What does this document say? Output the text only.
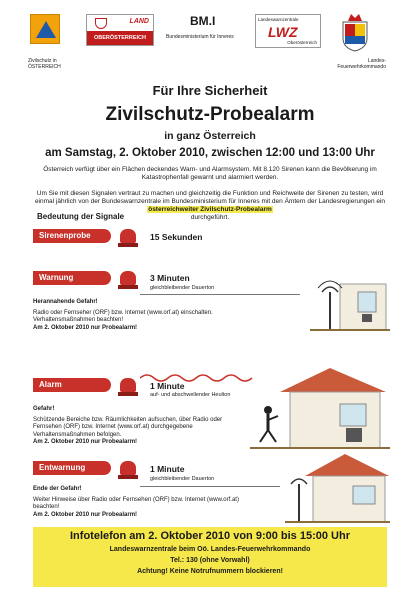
Zivilschutz in
ÖSTERREICH
LAND
OBERÖSTERREICH
BM.I
Bundesministerium für Inneres
Landeswarnzentrale
LWZ
Oberösterreich
Landes-
Feuerwehrkommando
Für Ihre Sicherheit
Zivilschutz-Probealarm
in ganz Österreich
am Samstag, 2. Oktober 2010, zwischen 12:00 und 13:00 Uhr
Österreich verfügt über ein Flächen deckendes Warn- und Alarmsystem. Mit 8.120 Sirenen kann die Bevölkerung im Katastrophenfall gewarnt und alarmiert werden.
Um Sie mit diesen Signalen vertraut zu machen und gleichzeitig die Funktion und Reichweite der Sirenen zu testen, wird einmal jährlich von der Bundeswarnzentrale im Bundesministerium für Inneres mit den Ämtern der Landesregierungen ein
österreichweiter Zivilschutz-Probealarm
durchgeführt.
Bedeutung der Signale
Sirenenprobe	15 Sekunden
Warnung	3 Minuten
gleichbleibender Dauerton
Herannahende Gefahr!
Radio oder Fernseher (ORF) bzw. Internet (www.orf.at) einschalten. Verhaltensmaßnahmen beachten!
Am 2. Oktober 2010 nur Probealarm!
Alarm	1 Minute
auf- und abschwellender Heulton
Gefahr!
Schützende Bereiche bzw. Räumlichkeiten aufsuchen, über Radio oder Fernsehen (ORF) bzw. Internet (www.orf.at) durchgegebene Verhaltensmaßnahmen befolgen.
Am 2. Oktober 2010 nur Probealarm!
Entwarnung	1 Minute
gleichbleibender Dauerton
Ende der Gefahr!
Weiter Hinweise über Radio oder Fernsehen (ORF) bzw. Internet (www.orf.at) beachten!
Am 2. Oktober 2010 nur Probealarm!
Infotelefon am 2. Oktober 2010 von 9:00 bis 15:00 Uhr
Landeswarnzentrale beim Oö. Landes-Feuerwehrkommando
Tel.: 130 (ohne Vorwahl)
Achtung! Keine Notrufnummern blockieren!
